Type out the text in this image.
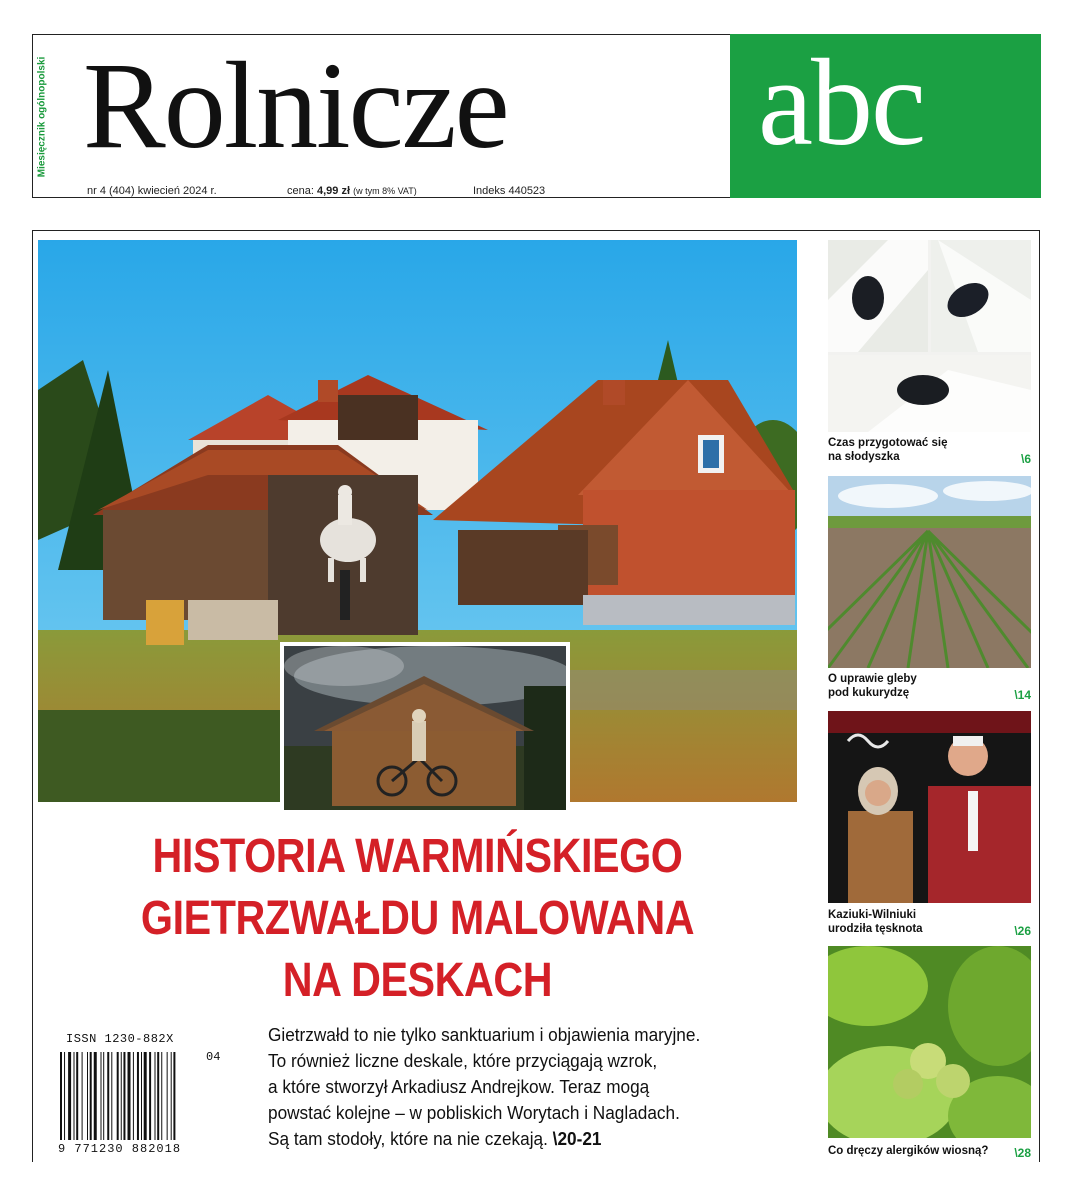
Miesięcznik ogólnopolski Rolnicze abc
nr 4 (404) kwiecień 2024 r.	cena: 4,99 zł (w tym 8% VAT)	Indeks 440523
HISTORIA WARMIŃSKIEGO
GIETRZWAŁDU MALOWANA
NA DESKACH
Gietrzwałd to nie tylko sanktuarium i objawienia maryjne.
To również liczne deskale, które przyciągają wzrok,
a które stworzył Arkadiusz Andrejkow. Teraz mogą
powstać kolejne – w pobliskich Worytach i Nagladach.
Są tam stodoły, które na nie czekają. \20-21
ISSN 1230-882X
04
9 771230 882018
Czas przygotować się
na słodyszka	\6
O uprawie gleby
pod kukurydzę	\14
Kaziuki-Wilniuki
urodziła tęsknota	\26
Co dręczy alergików wiosną?	\28
